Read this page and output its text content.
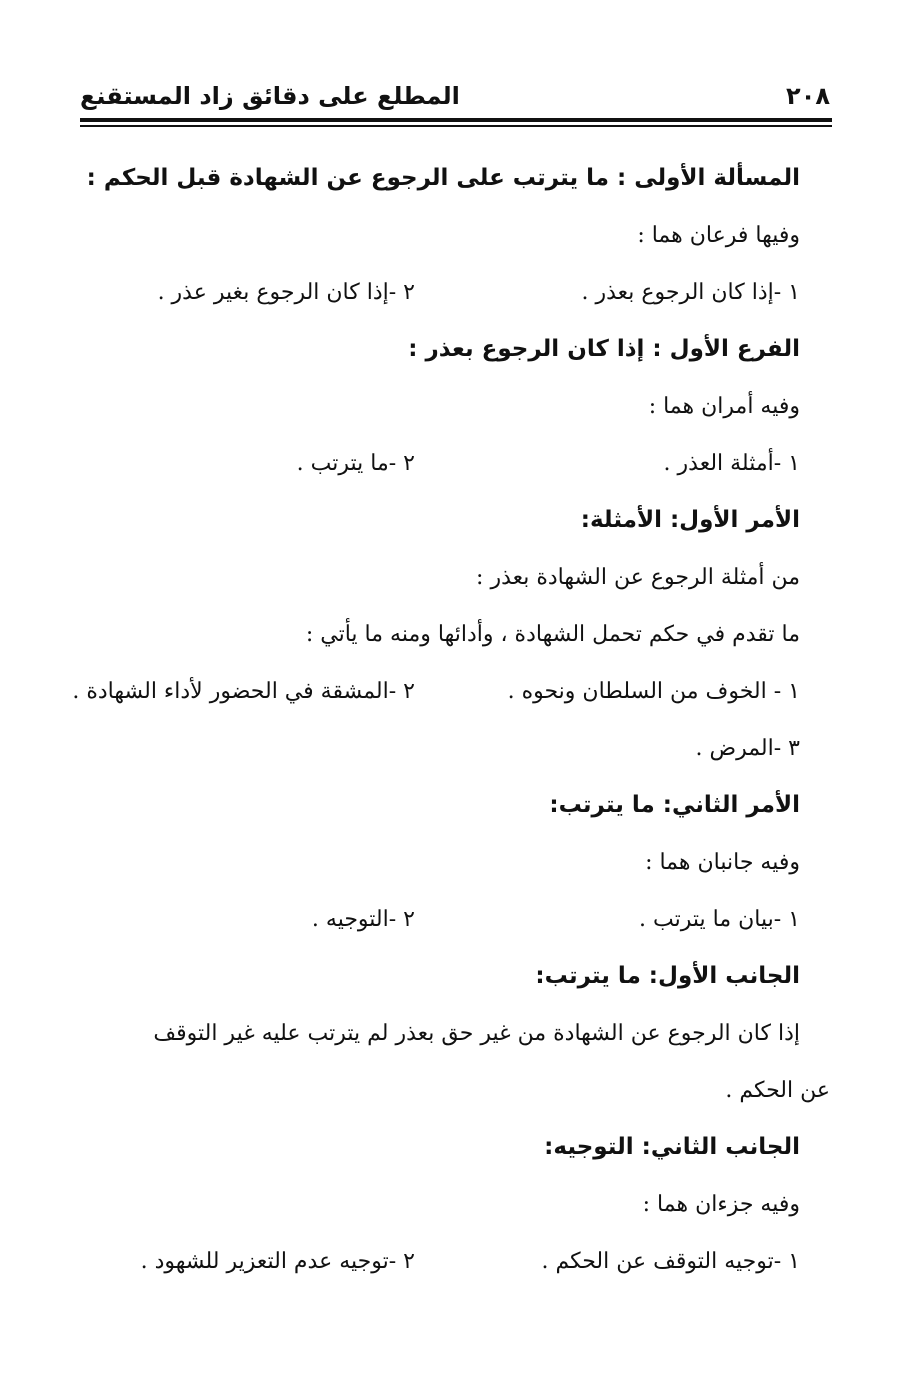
٢٠٨
المطلع على دقائق زاد المستقنع
المسألة الأولى : ما يترتب على الرجوع عن الشهادة قبل الحكم :
وفيها فرعان هما :
١ -إذا كان الرجوع بعذر .
٢ -إذا كان الرجوع بغير عذر .
الفرع الأول : إذا كان الرجوع بعذر :
وفيه أمران هما :
١ -أمثلة العذر .
٢ -ما يترتب .
الأمر الأول: الأمثلة:
من أمثلة الرجوع عن الشهادة بعذر :
ما تقدم في حكم تحمل الشهادة ، وأدائها ومنه ما يأتي :
١ - الخوف من السلطان ونحوه .
٢ -المشقة في الحضور لأداء الشهادة .
٣ -المرض .
الأمر الثاني: ما يترتب:
وفيه جانبان هما :
١ -بيان ما يترتب .
٢ -التوجيه .
الجانب الأول: ما يترتب:
إذا كان الرجوع عن الشهادة من غير حق بعذر لم يترتب عليه غير التوقف
عن الحكم .
الجانب الثاني: التوجيه:
وفيه جزءان هما :
١ -توجيه التوقف عن الحكم .
٢ -توجيه عدم التعزير للشهود .
